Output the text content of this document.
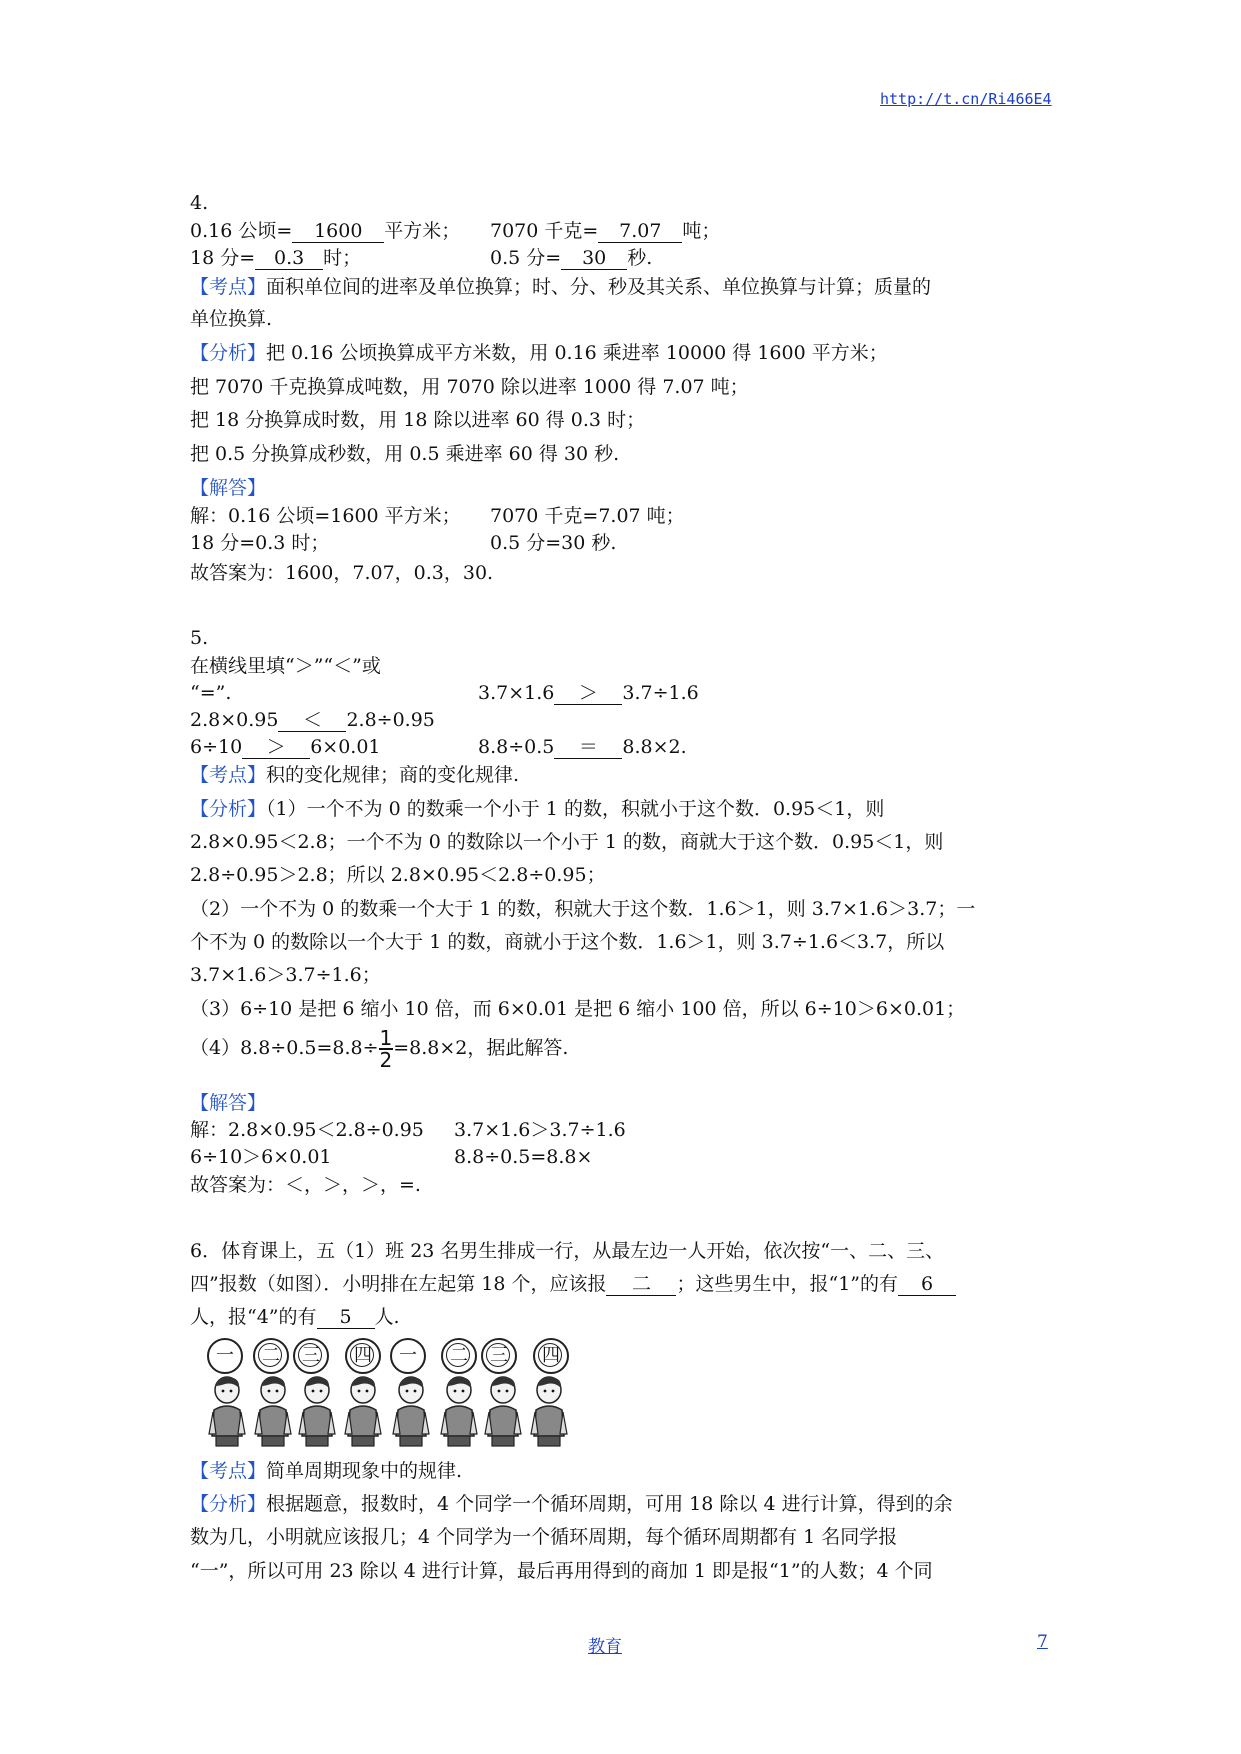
http://t.cn/Ri466E4
4.
0.16 公顷= 1600 平方米； 7070 千克= 7.07 吨；
18 分= 0.3 时；	0.5 分= 30 秒.
【考点】面积单位间的进率及单位换算；时、分、秒及其关系、单位换算与计算；质量的
单位换算.
【分析】把 0.16 公顷换算成平方米数，用 0.16 乘进率 10000 得 1600 平方米；
把 7070 千克换算成吨数，用 7070 除以进率 1000 得 7.07 吨；
把 18 分换算成时数，用 18 除以进率 60 得 0.3 时；
把 0.5 分换算成秒数，用 0.5 乘进率 60 得 30 秒.
【解答】
解：0.16 公顷=1600 平方米； 7070 千克=7.07 吨；
18 分=0.3 时；	0.5 分=30 秒.
故答案为：1600，7.07，0.3，30.
5.
在横线里填“＞”“＜”或
“=”.	3.7×1.6 ＞ 3.7÷1.6
2.8×0.95 ＜ 2.8÷0.95
6÷10 ＞ 6×0.01	8.8÷0.5 ＝ 8.8×2.
【考点】积的变化规律；商的变化规律.
【分析】（1）一个不为 0 的数乘一个小于 1 的数，积就小于这个数．0.95＜1，则
2.8×0.95＜2.8；一个不为 0 的数除以一个小于 1 的数，商就大于这个数．0.95＜1，则
2.8÷0.95＞2.8；所以 2.8×0.95＜2.8÷0.95；
（2）一个不为 0 的数乘一个大于 1 的数，积就大于这个数．1.6＞1，则 3.7×1.6＞3.7；一
个不为 0 的数除以一个大于 1 的数，商就小于这个数．1.6＞1，则 3.7÷1.6＜3.7，所以
3.7×1.6＞3.7÷1.6；
（3）6÷10 是把 6 缩小 10 倍，而 6×0.01 是把 6 缩小 100 倍，所以 6÷10＞6×0.01；
$(4)8.8\div 0.5=8.8\div \frac{1}{2} =8.8\times 2$，据此解答.
【解答】
解：2.8×0.95＜2.8÷0.95 3.7×1.6＞3.7÷1.6
6÷10＞6×0.01	8.8÷0.5=8.8×
故答案为：＜，＞，＞，=.
6．体育课上，五（1）班 23 名男生排成一行，从最左边一人开始，依次按“一、二、三、
四”报数（如图）．小明排在左起第 18 个，应该报 二 ；这些男生中，报“1”的有 6
人，报“4”的有 5 人.
一	二	三	四	一	二	三	四
【考点】简单周期现象中的规律.
【分析】根据题意，报数时，4 个同学一个循环周期，可用 18 除以 4 进行计算，得到的余
数为几，小明就应该报几；4 个同学为一个循环周期，每个循环周期都有 1 名同学报
“一”，所以可用 23 除以 4 进行计算，最后再用得到的商加 1 即是报“1”的人数；4 个同
教育	7
